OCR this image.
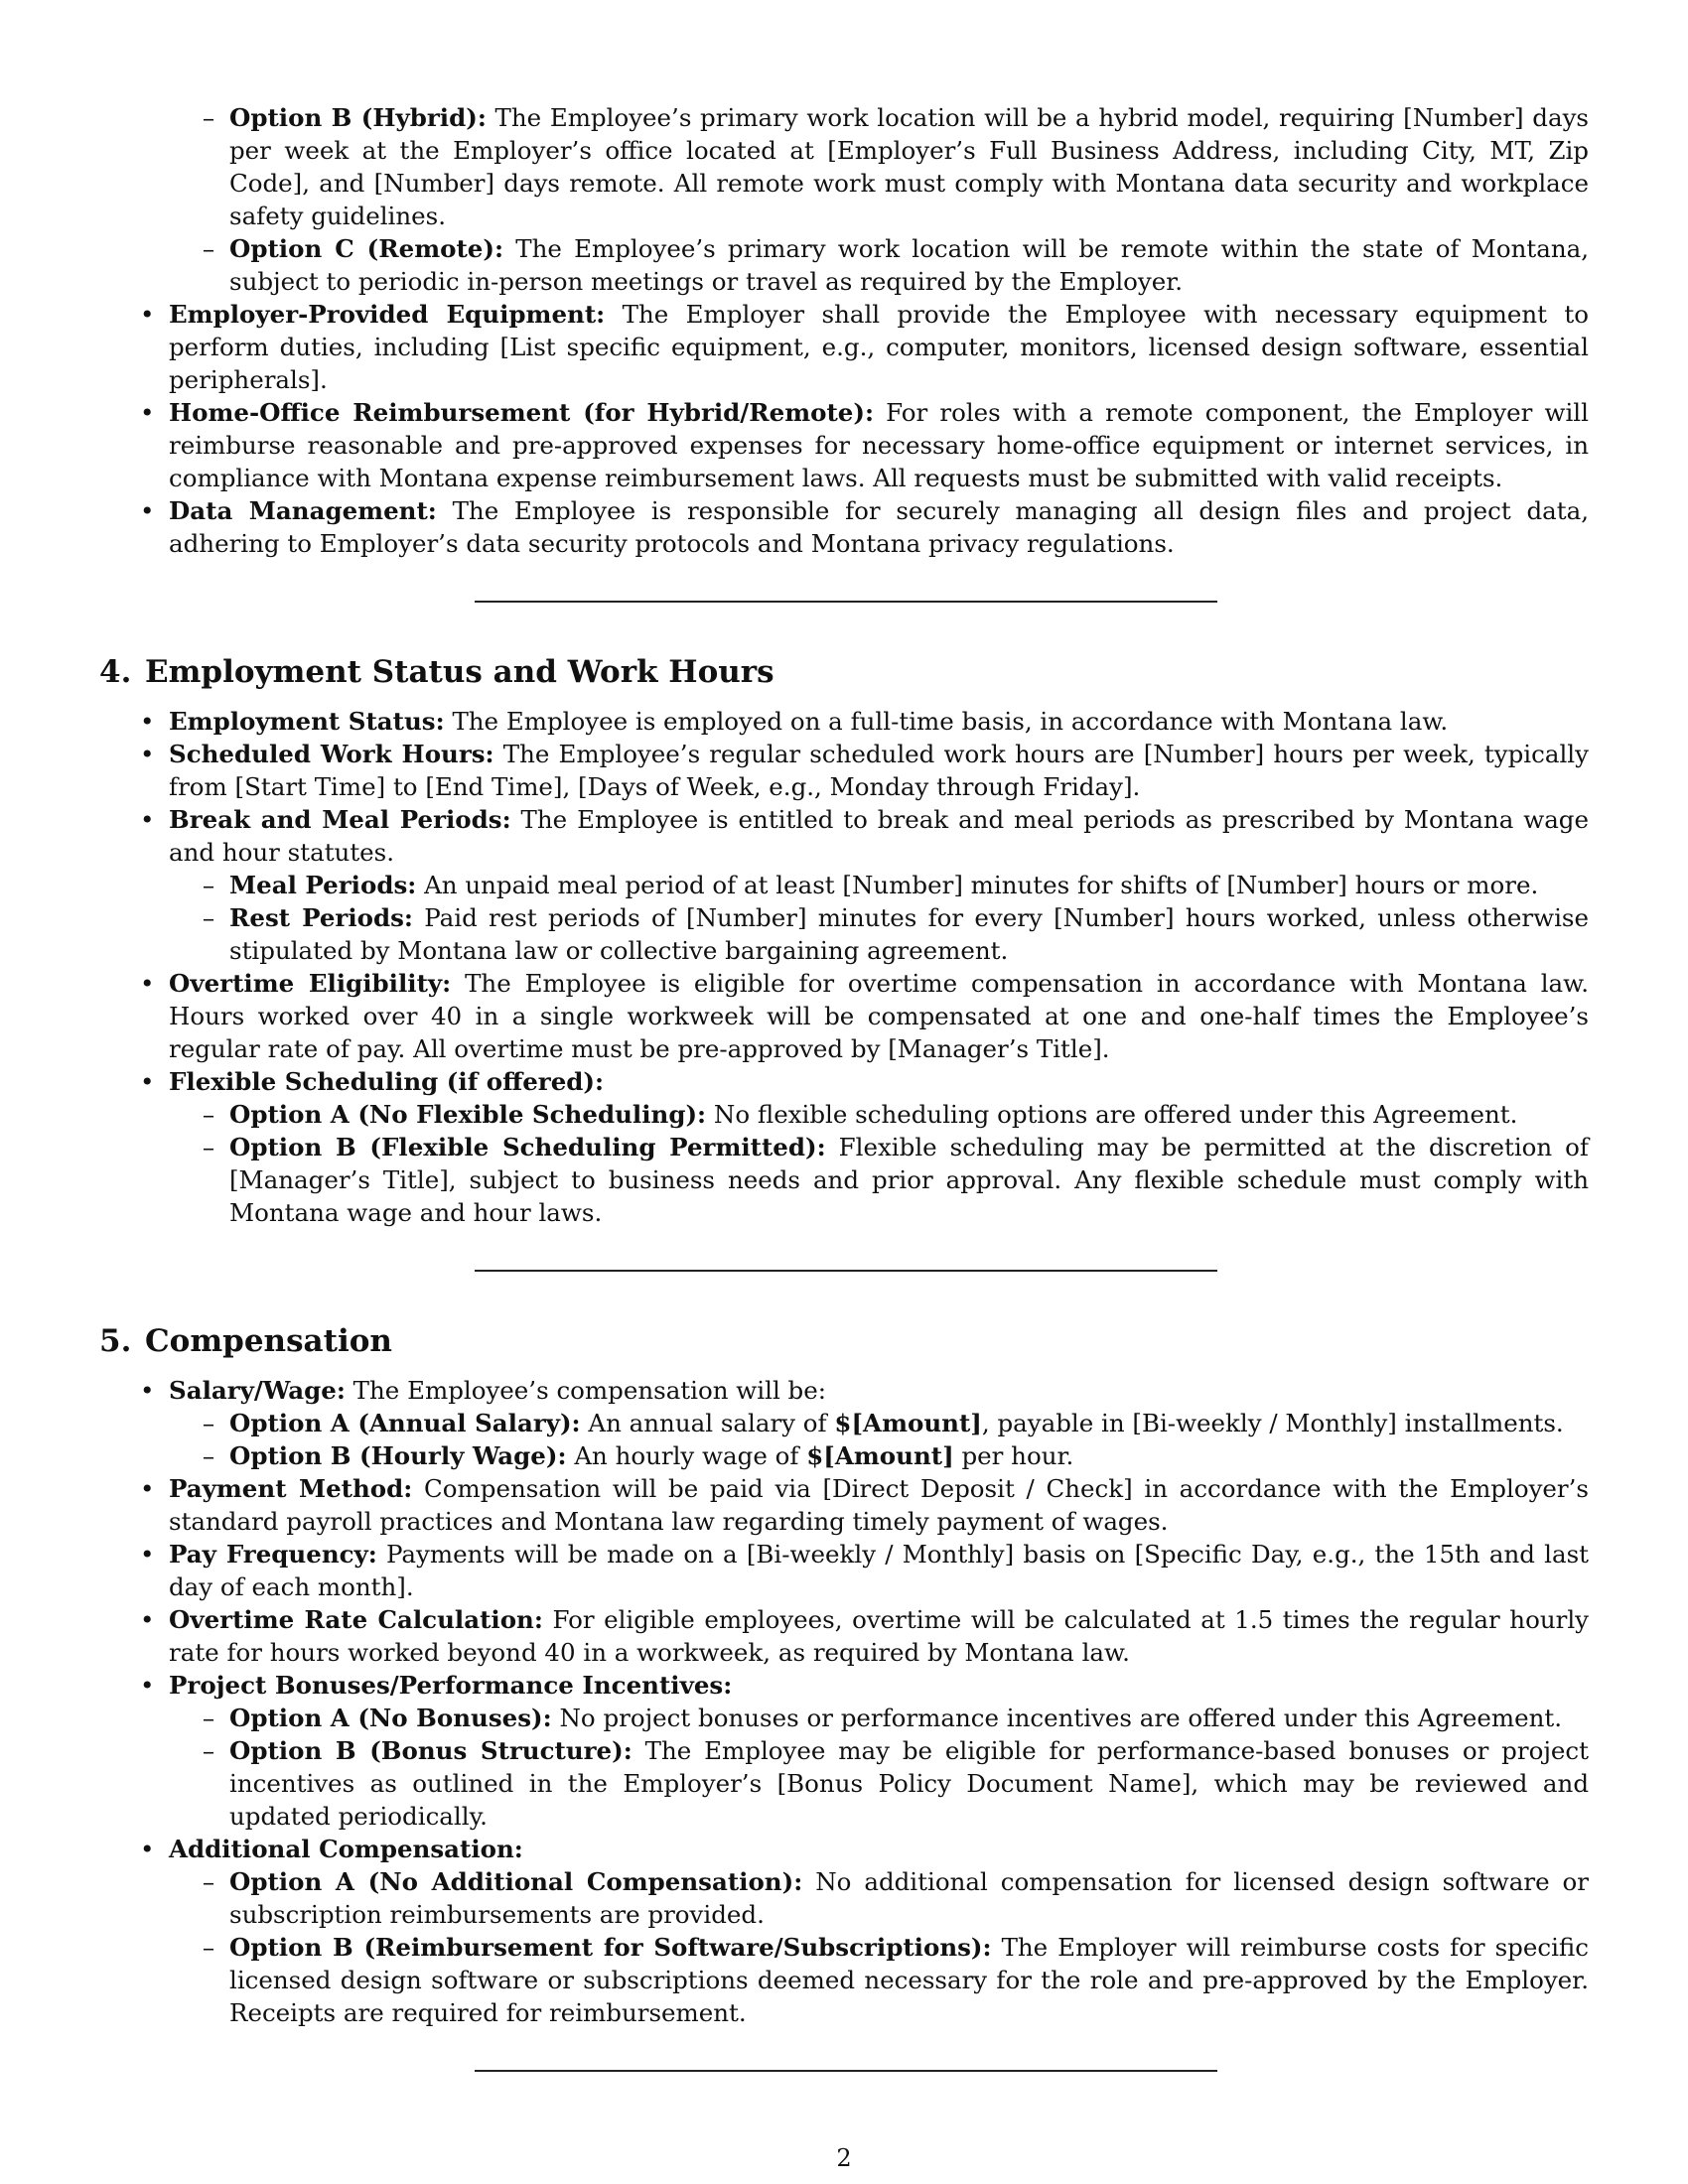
– Option B (Hybrid): The Employee’s primary work location will be a hybrid model, requiring [Number] days per week at the Employer’s office located at [Employer’s Full Business Address, including City, MT, Zip Code], and [Number] days remote. All remote work must comply with Montana data security and workplace safety guidelines.
– Option C (Remote): The Employee’s primary work location will be remote within the state of Montana, subject to periodic in-person meetings or travel as required by the Employer.
• Employer-Provided Equipment: The Employer shall provide the Employee with necessary equipment to perform duties, including [List specific equipment, e.g., computer, monitors, licensed design software, essential peripherals].
• Home-Office Reimbursement (for Hybrid/Remote): For roles with a remote component, the Employer will reimburse reasonable and pre-approved expenses for necessary home-office equipment or internet services, in compliance with Montana expense reimbursement laws. All requests must be submitted with valid receipts.
• Data Management: The Employee is responsible for securely managing all design files and project data, adhering to Employer’s data security protocols and Montana privacy regulations.
4. Employment Status and Work Hours
• Employment Status: The Employee is employed on a full-time basis, in accordance with Montana law.
• Scheduled Work Hours: The Employee’s regular scheduled work hours are [Number] hours per week, typically from [Start Time] to [End Time], [Days of Week, e.g., Monday through Friday].
• Break and Meal Periods: The Employee is entitled to break and meal periods as prescribed by Montana wage and hour statutes.
– Meal Periods: An unpaid meal period of at least [Number] minutes for shifts of [Number] hours or more.
– Rest Periods: Paid rest periods of [Number] minutes for every [Number] hours worked, unless otherwise stipulated by Montana law or collective bargaining agreement.
• Overtime Eligibility: The Employee is eligible for overtime compensation in accordance with Montana law. Hours worked over 40 in a single workweek will be compensated at one and one-half times the Employee’s regular rate of pay. All overtime must be pre-approved by [Manager’s Title].
• Flexible Scheduling (if offered):
– Option A (No Flexible Scheduling): No flexible scheduling options are offered under this Agreement.
– Option B (Flexible Scheduling Permitted): Flexible scheduling may be permitted at the discretion of [Manager’s Title], subject to business needs and prior approval. Any flexible schedule must comply with Montana wage and hour laws.
5. Compensation
• Salary/Wage: The Employee’s compensation will be:
– Option A (Annual Salary): An annual salary of $[Amount], payable in [Bi-weekly / Monthly] installments.
– Option B (Hourly Wage): An hourly wage of $[Amount] per hour.
• Payment Method: Compensation will be paid via [Direct Deposit / Check] in accordance with the Employer’s standard payroll practices and Montana law regarding timely payment of wages.
• Pay Frequency: Payments will be made on a [Bi-weekly / Monthly] basis on [Specific Day, e.g., the 15th and last day of each month].
• Overtime Rate Calculation: For eligible employees, overtime will be calculated at 1.5 times the regular hourly rate for hours worked beyond 40 in a workweek, as required by Montana law.
• Project Bonuses/Performance Incentives:
– Option A (No Bonuses): No project bonuses or performance incentives are offered under this Agreement.
– Option B (Bonus Structure): The Employee may be eligible for performance-based bonuses or project incentives as outlined in the Employer’s [Bonus Policy Document Name], which may be reviewed and updated periodically.
• Additional Compensation:
– Option A (No Additional Compensation): No additional compensation for licensed design software or subscription reimbursements are provided.
– Option B (Reimbursement for Software/Subscriptions): The Employer will reimburse costs for specific licensed design software or subscriptions deemed necessary for the role and pre-approved by the Employer. Receipts are required for reimbursement.
2
